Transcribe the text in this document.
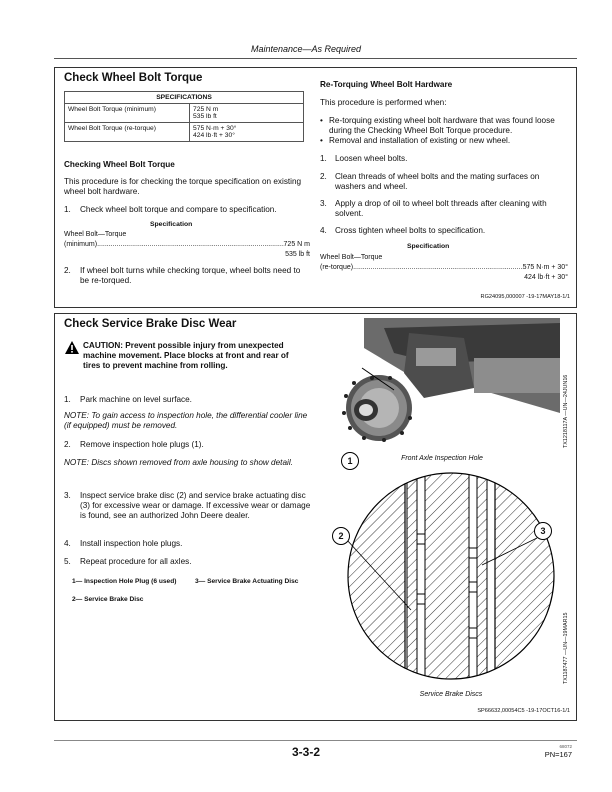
Maintenance—As Required
Check Wheel Bolt Torque
SPECIFICATIONS	
Wheel Bolt Torque (minimum)	725 N m
535 lb ft

Wheel Bolt Torque (re-torque)	575 N·m + 30°
424 lb·ft + 30°
Checking Wheel Bolt Torque
This procedure is for checking the torque specification on existing wheel bolt hardware.
1. Check wheel bolt torque and compare to specification.
Specification
Wheel Bolt—Torque
(minimum) .....	725 N m
535 lb ft
2. If wheel bolt turns while checking torque, wheel bolts need to be re-torqued.
Re-Torquing Wheel Bolt Hardware
This procedure is performed when:
• Re-torquing existing wheel bolt hardware that was found loose during the Checking Wheel Bolt Torque procedure.
• Removal and installation of existing or new wheel.
1. Loosen wheel bolts.
2. Clean threads of wheel bolts and the mating surfaces on washers and wheel.
3. Apply a drop of oil to wheel bolt threads after cleaning with solvent.
4. Cross tighten wheel bolts to specification.
Specification
Wheel Bolt—Torque
(re-torque) .....	575 N·m + 30°
424 lb·ft + 30°
RG24095,000007 -19-17MAY18-1/1
Check Service Brake Disc Wear
CAUTION: Prevent possible injury from unexpected machine movement. Place blocks at front and rear of tires to prevent machine from rolling.
1. Park machine on level surface.
NOTE: To gain access to inspection hole, the differential cooler line (if equipped) must be removed.
2. Remove inspection hole plugs (1).
NOTE: Discs shown removed from axle housing to show detail.
3. Inspect service brake disc (2) and service brake actuating disc (3) for excessive wear or damage. If excessive wear or damage is found, see an authorized John Deere dealer.
4. Install inspection hole plugs.
5. Repeat procedure for all axles.
1— Inspection Hole Plug (6 used)
2— Service Brake Disc
3— Service Brake Actuating Disc
1	Front Axle Inspection Hole
TX1218117A —UN—24JUN16
2	3
Service Brake Discs
TX1187477 —UN—19MAR15
SP66632,00054C5 -19-17OCT16-1/1
3-3-2	68072
PN=167
